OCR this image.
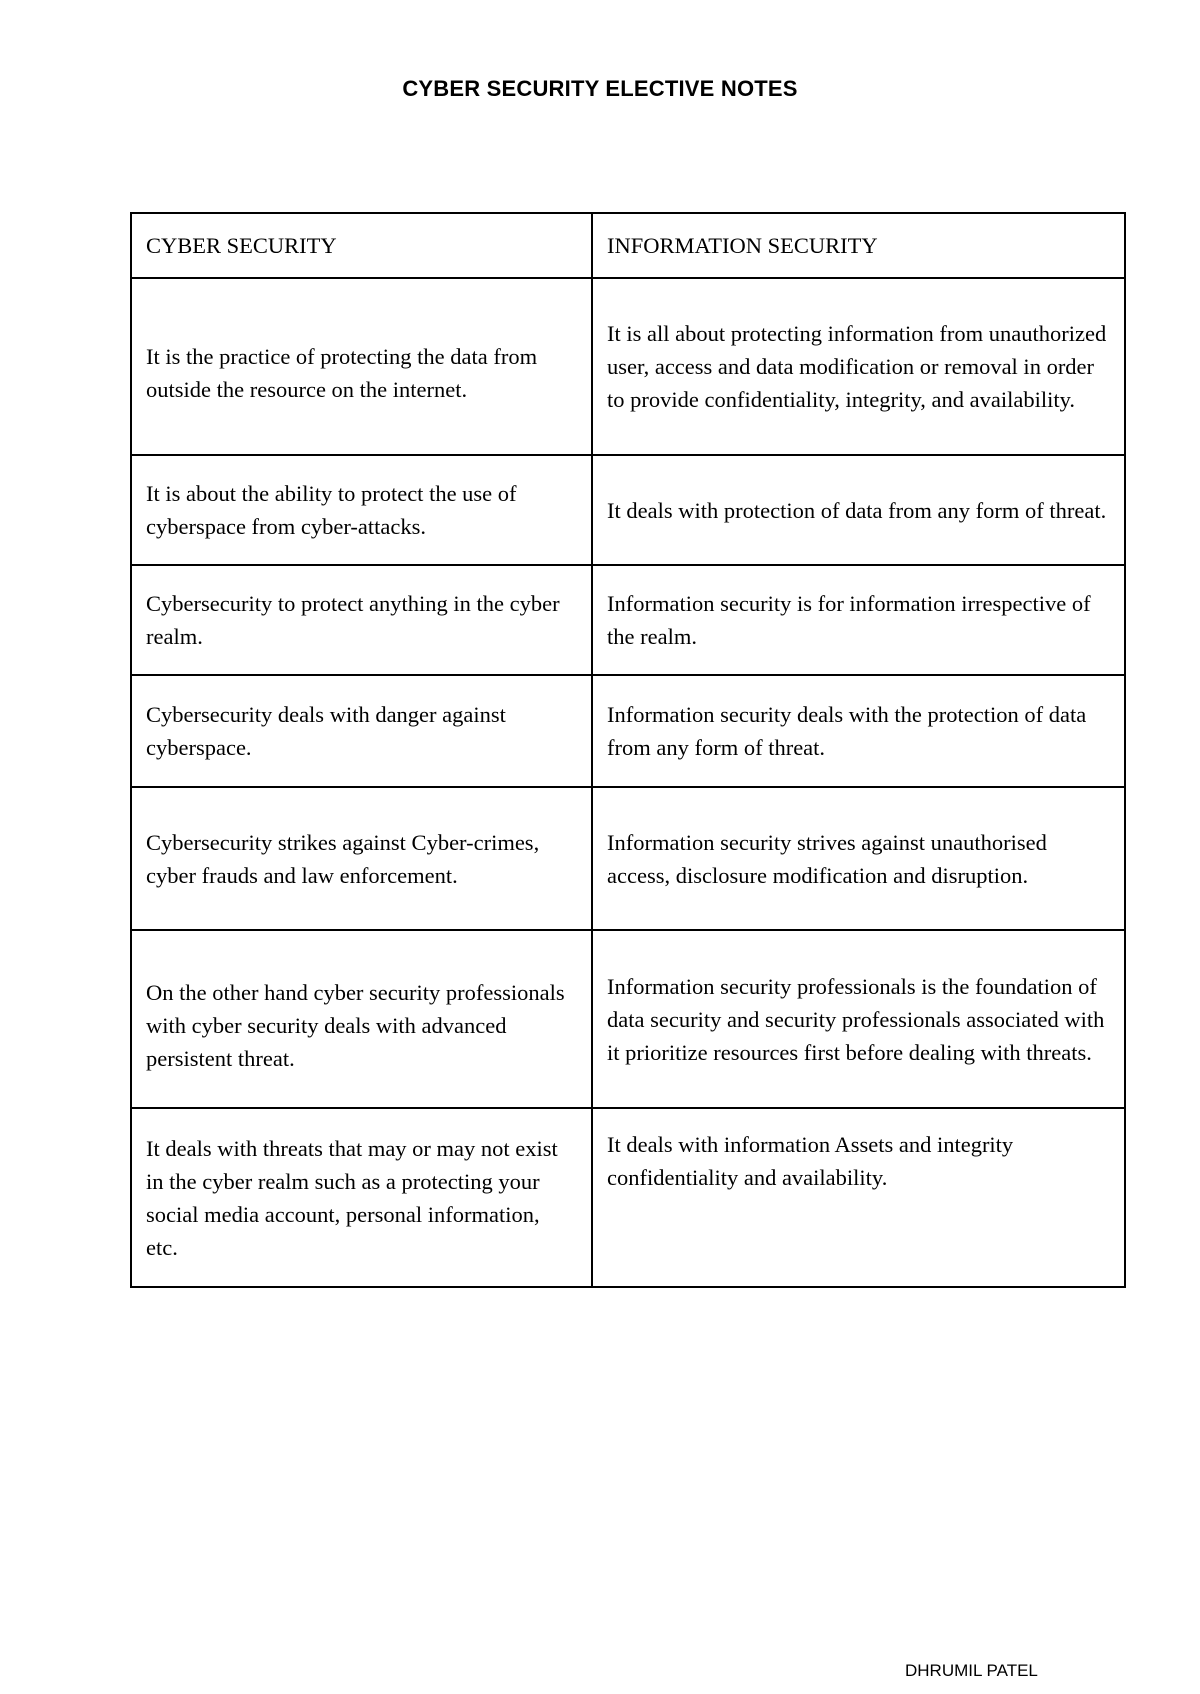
CYBER SECURITY ELECTIVE NOTES
CYBER SECURITY	INFORMATION SECURITY
It is the practice of protecting the data from outside the resource on the internet.	It is all about protecting information from unauthorized user, access and data modification or removal in order to provide confidentiality, integrity, and availability.
It is about the ability to protect the use of cyberspace from cyber-attacks.	It deals with protection of data from any form of threat.
Cybersecurity to protect anything in the cyber realm.	Information security is for information irrespective of the realm.
Cybersecurity deals with danger against cyberspace.	Information security deals with the protection of data from any form of threat.
Cybersecurity strikes against Cyber-crimes, cyber frauds and law enforcement.	Information security strives against unauthorised access, disclosure modification and disruption.
On the other hand cyber security professionals with cyber security deals with advanced persistent threat.	Information security professionals is the foundation of data security and security professionals associated with it prioritize resources first before dealing with threats.
It deals with threats that may or may not exist in the cyber realm such as a protecting your social media account, personal information, etc.	It deals with information Assets and integrity confidentiality and availability.
DHRUMIL PATEL
